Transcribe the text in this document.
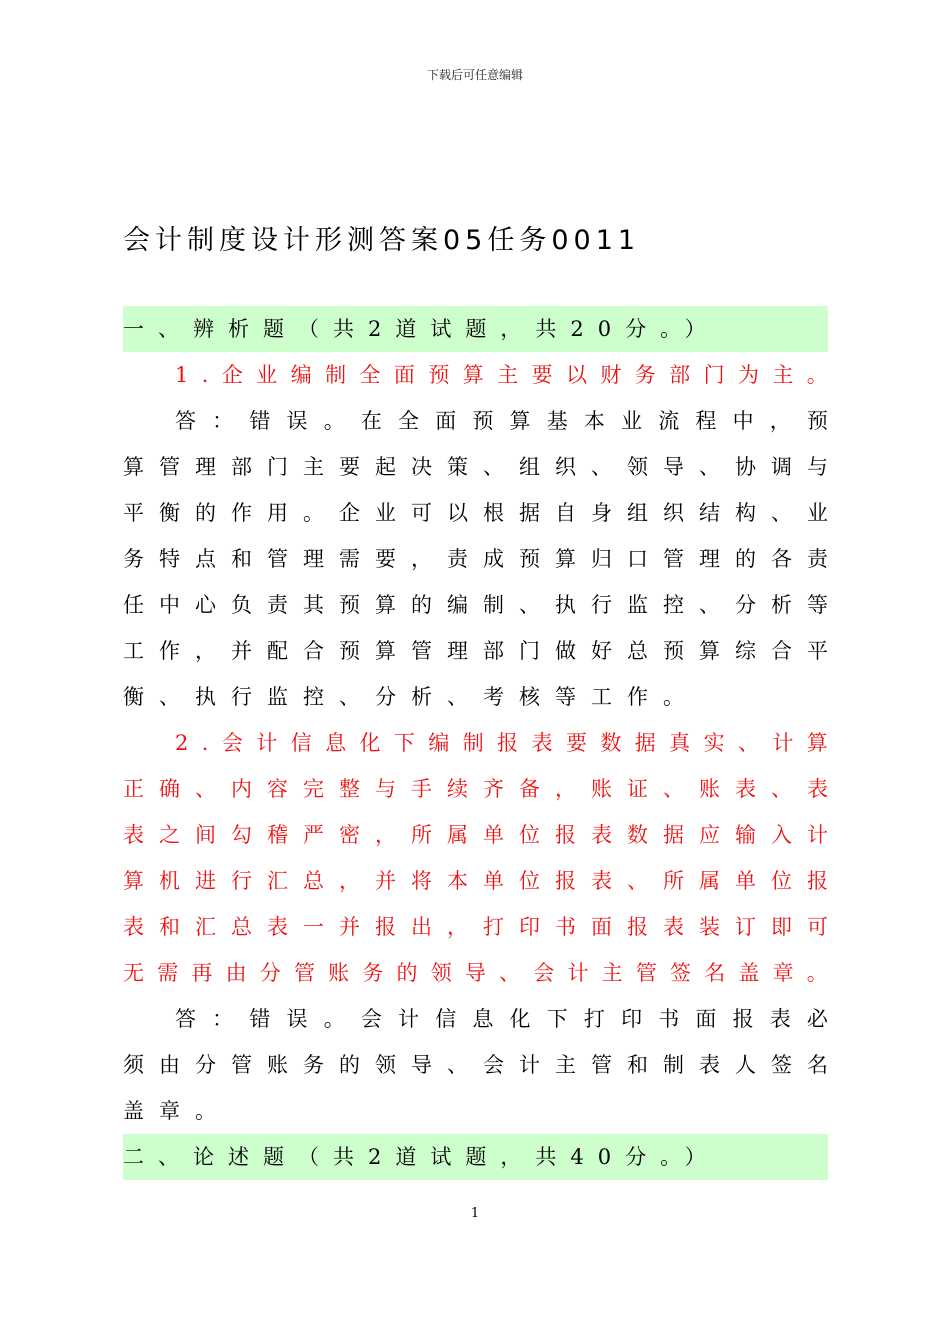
下载后可任意编辑
会计制度设计形测答案05任务0011
一、辨析题（共2道试题，共20分。）
1 . 企 业 编 制 全 面 预 算 主 要 以 财 务 部 门 为 主 。
答 ： 错 误 。 在 全 面 预 算 基 本 业 流 程 中 ， 预
算 管 理 部 门 主 要 起 决 策 、 组 织 、 领 导 、 协 调 与
平 衡 的 作 用 。 企 业 可 以 根 据 自 身 组 织 结 构 、 业
务 特 点 和 管 理 需 要 ， 责 成 预 算 归 口 管 理 的 各 责
任 中 心 负 责 其 预 算 的 编 制 、 执 行 监 控 、 分 析 等
工 作 ， 并 配 合 预 算 管 理 部 门 做 好 总 预 算 综 合 平
衡、执行监控、分析、考核等工作。
2 . 会 计 信 息 化 下 编 制 报 表 要 数 据 真 实 、 计 算
正 确 、 内 容 完 整 与 手 续 齐 备 ， 账 证 、 账 表 、 表
表 之 间 勾 稽 严 密 ， 所 属 单 位 报 表 数 据 应 输 入 计
算 机 进 行 汇 总 ， 并 将 本 单 位 报 表 、 所 属 单 位 报
表 和 汇 总 表 一 并 报 出 ， 打 印 书 面 报 表 装 订 即 可
无 需 再 由 分 管 账 务 的 领 导 、 会 计 主 管 签 名 盖 章 。
答 ： 错 误 。 会 计 信 息 化 下 打 印 书 面 报 表 必
须 由 分 管 账 务 的 领 导 、 会 计 主 管 和 制 表 人 签 名
盖章。
二、论述题（共2道试题，共40分。）
1
